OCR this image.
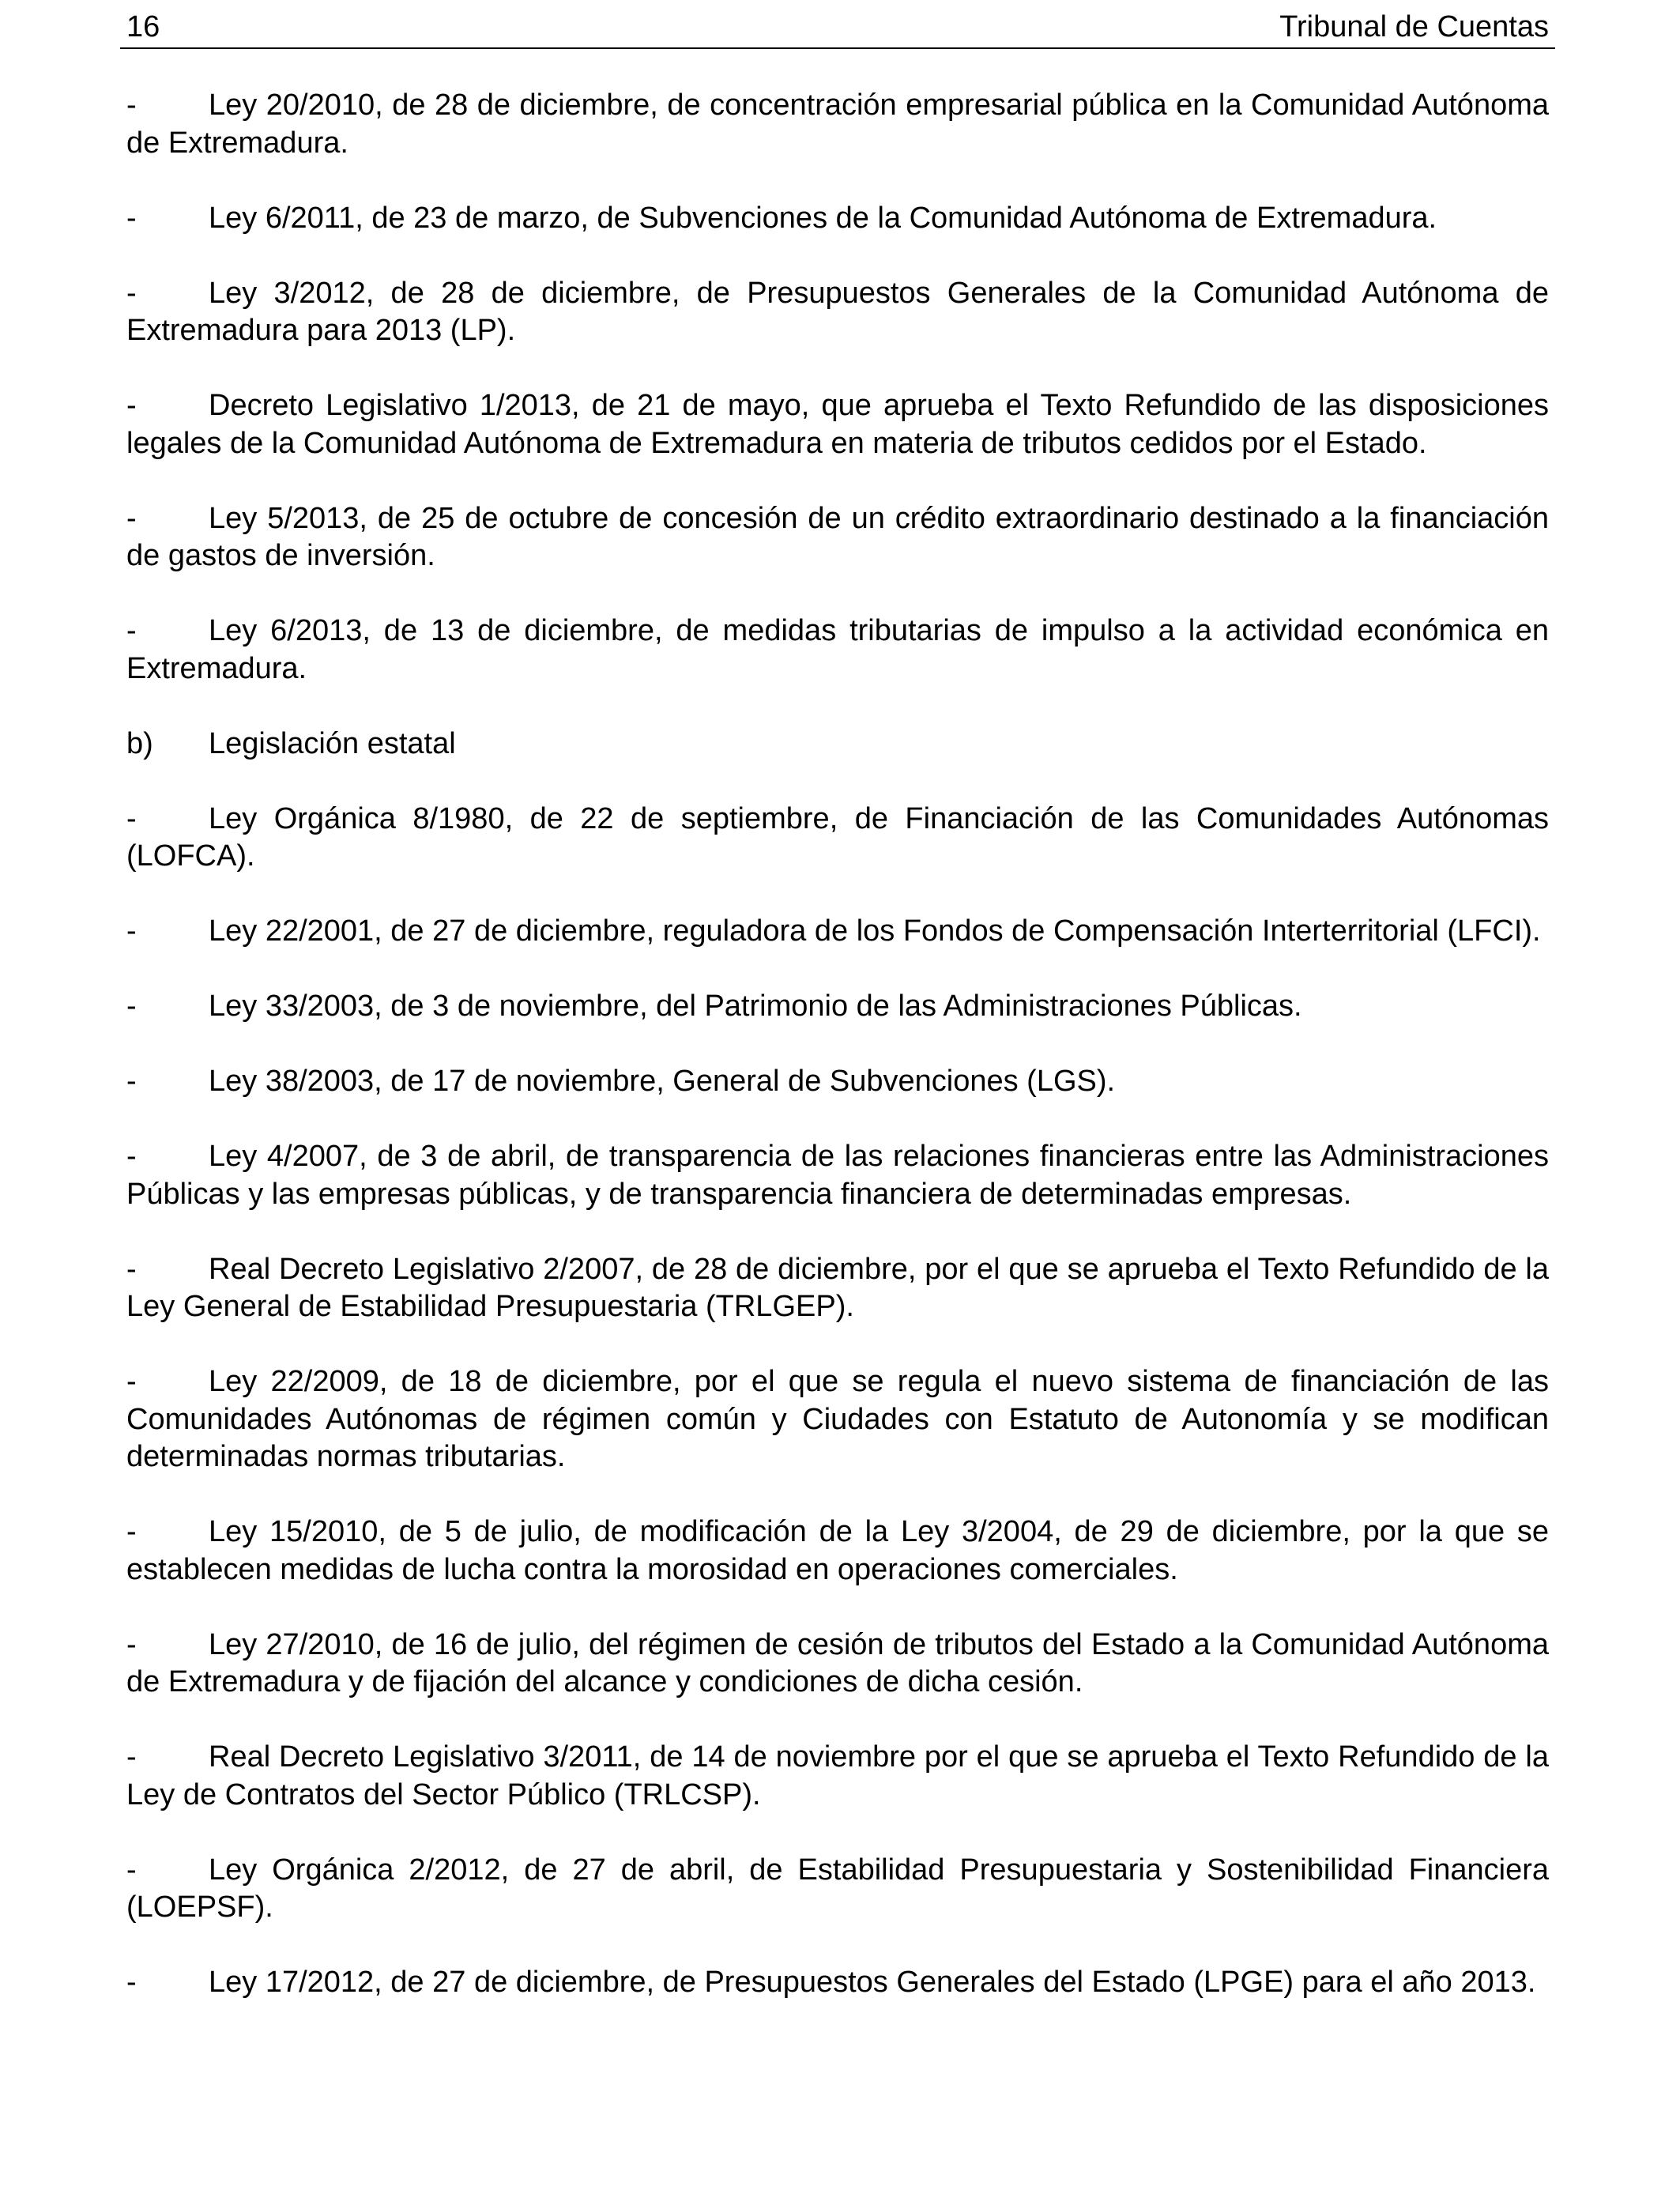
16	Tribunal de Cuentas

- Ley 20/2010, de 28 de diciembre, de concentración empresarial pública en la Comunidad Autónoma de Extremadura.

- Ley 6/2011, de 23 de marzo, de Subvenciones de la Comunidad Autónoma de Extremadura.

- Ley 3/2012, de 28 de diciembre, de Presupuestos Generales de la Comunidad Autónoma de Extremadura para 2013 (LP).

- Decreto Legislativo 1/2013, de 21 de mayo, que aprueba el Texto Refundido de las disposiciones legales de la Comunidad Autónoma de Extremadura en materia de tributos cedidos por el Estado.

- Ley 5/2013, de 25 de octubre de concesión de un crédito extraordinario destinado a la financiación de gastos de inversión.

- Ley 6/2013, de 13 de diciembre, de medidas tributarias de impulso a la actividad económica en Extremadura.

b) Legislación estatal

- Ley Orgánica 8/1980, de 22 de septiembre, de Financiación de las Comunidades Autónomas (LOFCA).

- Ley 22/2001, de 27 de diciembre, reguladora de los Fondos de Compensación Interterritorial (LFCI).

- Ley 33/2003, de 3 de noviembre, del Patrimonio de las Administraciones Públicas.

- Ley 38/2003, de 17 de noviembre, General de Subvenciones (LGS).

- Ley 4/2007, de 3 de abril, de transparencia de las relaciones financieras entre las Administraciones Públicas y las empresas públicas, y de transparencia financiera de determinadas empresas.

- Real Decreto Legislativo 2/2007, de 28 de diciembre, por el que se aprueba el Texto Refundido de la Ley General de Estabilidad Presupuestaria (TRLGEP).

- Ley 22/2009, de 18 de diciembre, por el que se regula el nuevo sistema de financiación de las Comunidades Autónomas de régimen común y Ciudades con Estatuto de Autonomía y se modifican determinadas normas tributarias.

- Ley 15/2010, de 5 de julio, de modificación de la Ley 3/2004, de 29 de diciembre, por la que se establecen medidas de lucha contra la morosidad en operaciones comerciales.

- Ley 27/2010, de 16 de julio, del régimen de cesión de tributos del Estado a la Comunidad Autónoma de Extremadura y de fijación del alcance y condiciones de dicha cesión.

- Real Decreto Legislativo 3/2011, de 14 de noviembre por el que se aprueba el Texto Refundido de la Ley de Contratos del Sector Público (TRLCSP).

- Ley Orgánica 2/2012, de 27 de abril, de Estabilidad Presupuestaria y Sostenibilidad Financiera (LOEPSF).

- Ley 17/2012, de 27 de diciembre, de Presupuestos Generales del Estado (LPGE) para el año 2013.
